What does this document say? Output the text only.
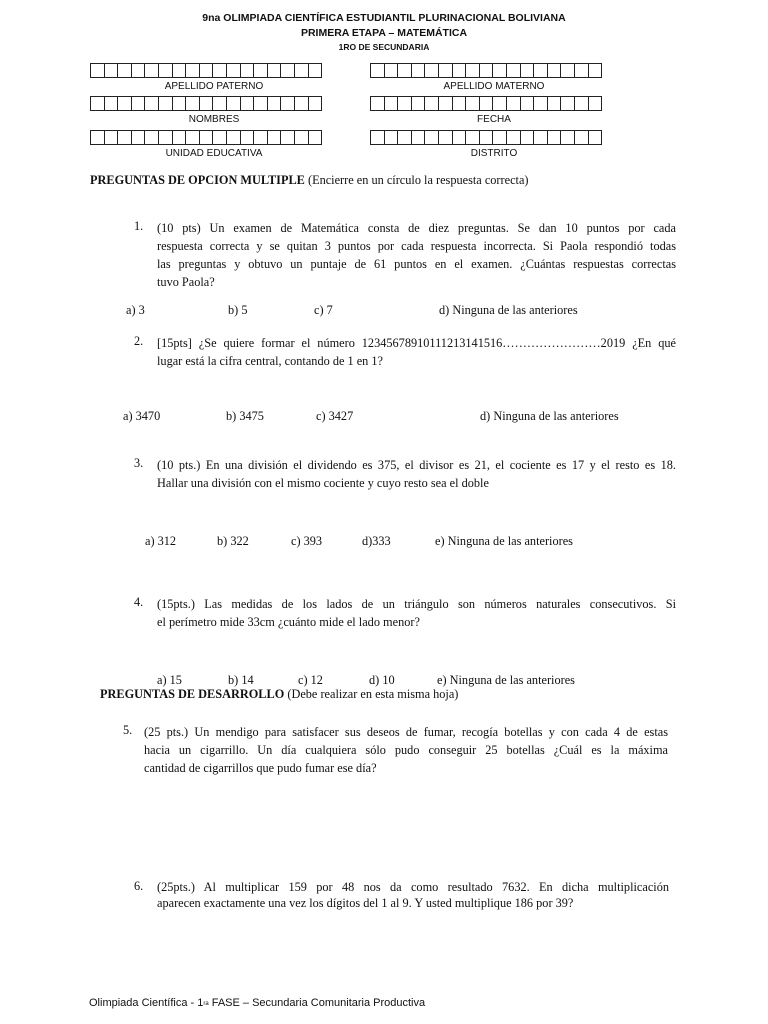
9na OLIMPIADA CIENTÍFICA ESTUDIANTIL PLURINACIONAL BOLIVIANA
PRIMERA ETAPA – MATEMÁTICA
1RO DE SECUNDARIA
APELLIDO PATERNO	APELLIDO MATERNO
NOMBRES	FECHA
UNIDAD EDUCATIVA	DISTRITO
PREGUNTAS DE OPCION MULTIPLE (Encierre en un círculo la respuesta correcta)
1. (10 pts) Un examen de Matemática consta de diez preguntas. Se dan 10 puntos por cada
respuesta correcta y se quitan 3 puntos por cada respuesta incorrecta. Si Paola respondió todas
las preguntas y obtuvo un puntaje de 61 puntos en el examen. ¿Cuántas respuestas correctas
tuvo Paola?
a) 3	b) 5	c) 7	d) Ninguna de las anteriores
2. [15pts] ¿Se quiere formar el número 12345678910111213141516……………………2019 ¿En qué
lugar está la cifra central, contando de 1 en 1?
a) 3470	b) 3475	c) 3427	d) Ninguna de las anteriores
3. (10 pts.) En una división el dividendo es 375, el divisor es 21, el cociente es 17 y el resto es 18.
Hallar una división con el mismo cociente y cuyo resto sea el doble
a) 312	b) 322	c) 393	d)333	e) Ninguna de las anteriores
4. (15pts.) Las medidas de los lados de un triángulo son números naturales consecutivos. Si
el perímetro mide 33cm ¿cuánto mide el lado menor?
a) 15	b) 14	c) 12	d) 10	e) Ninguna de las anteriores
PREGUNTAS DE DESARROLLO (Debe realizar en esta misma hoja)
5. (25 pts.) Un mendigo para satisfacer sus deseos de fumar, recogía botellas y con cada 4 de estas
hacia un cigarrillo. Un día cualquiera sólo pudo conseguir 25 botellas ¿Cuál es la máxima
cantidad de cigarrillos que pudo fumar ese día?
6. (25pts.) Al multiplicar 159 por 48 nos da como resultado 7632. En dicha multiplicación
aparecen exactamente una vez los dígitos del 1 al 9. Y usted multiplique 186 por 39?
Olimpiada Científica - 1ra FASE – Secundaria Comunitaria Productiva
